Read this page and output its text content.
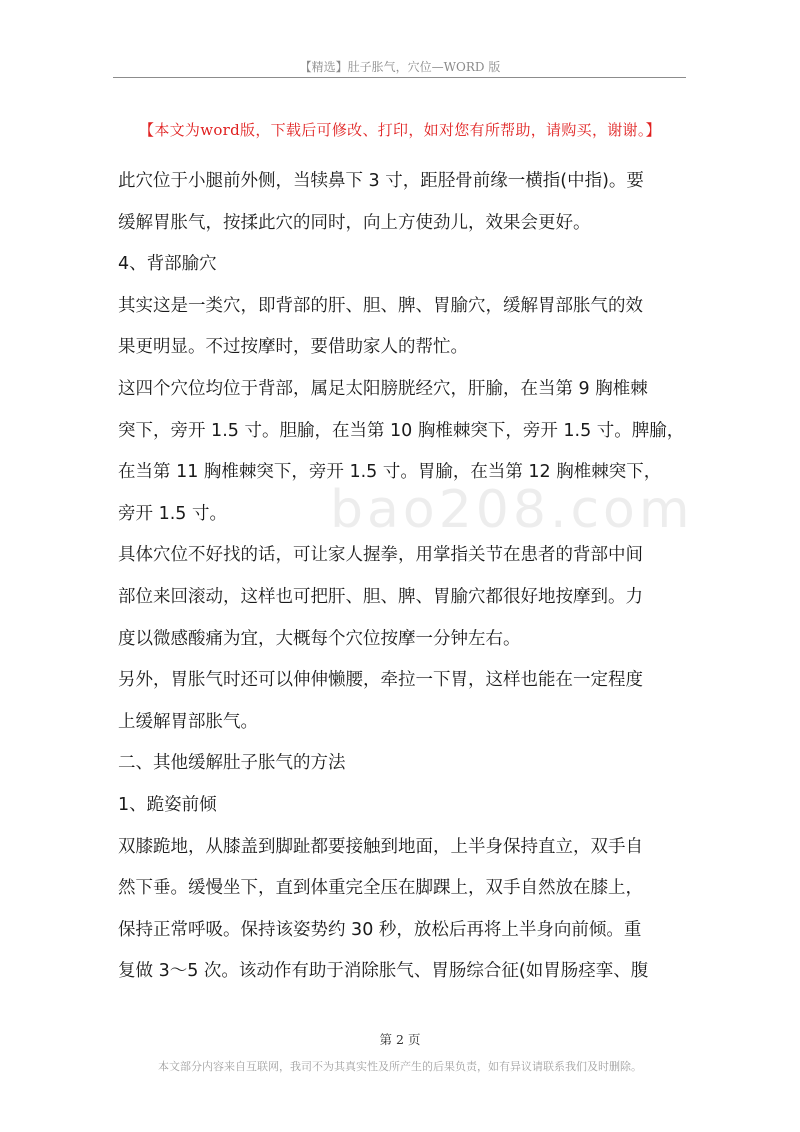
【精选】肚子胀气，穴位—WORD 版
【本文为word版，下载后可修改、打印，如对您有所帮助，请购买，谢谢。】
bao208.com
此穴位于小腿前外侧，当犊鼻下 3 寸，距胫骨前缘一横指(中指)。要
缓解胃胀气，按揉此穴的同时，向上方使劲儿，效果会更好。
4、背部腧穴
其实这是一类穴，即背部的肝、胆、脾、胃腧穴，缓解胃部胀气的效
果更明显。不过按摩时，要借助家人的帮忙。
这四个穴位均位于背部，属足太阳膀胱经穴，肝腧，在当第 9 胸椎棘
突下，旁开 1.5 寸。胆腧，在当第 10 胸椎棘突下，旁开 1.5 寸。脾腧，
在当第 11 胸椎棘突下，旁开 1.5 寸。胃腧，在当第 12 胸椎棘突下，
旁开 1.5 寸。
具体穴位不好找的话，可让家人握拳，用掌指关节在患者的背部中间
部位来回滚动，这样也可把肝、胆、脾、胃腧穴都很好地按摩到。力
度以微感酸痛为宜，大概每个穴位按摩一分钟左右。
另外，胃胀气时还可以伸伸懒腰，牵拉一下胃，这样也能在一定程度
上缓解胃部胀气。
二、其他缓解肚子胀气的方法
1、跪姿前倾
双膝跪地，从膝盖到脚趾都要接触到地面，上半身保持直立，双手自
然下垂。缓慢坐下，直到体重完全压在脚踝上，双手自然放在膝上，
保持正常呼吸。保持该姿势约 30 秒，放松后再将上半身向前倾。重
复做 3～5 次。该动作有助于消除胀气、胃肠综合征(如胃肠痉挛、腹
第 2 页
本文部分内容来自互联网，我司不为其真实性及所产生的后果负责，如有异议请联系我们及时删除。
